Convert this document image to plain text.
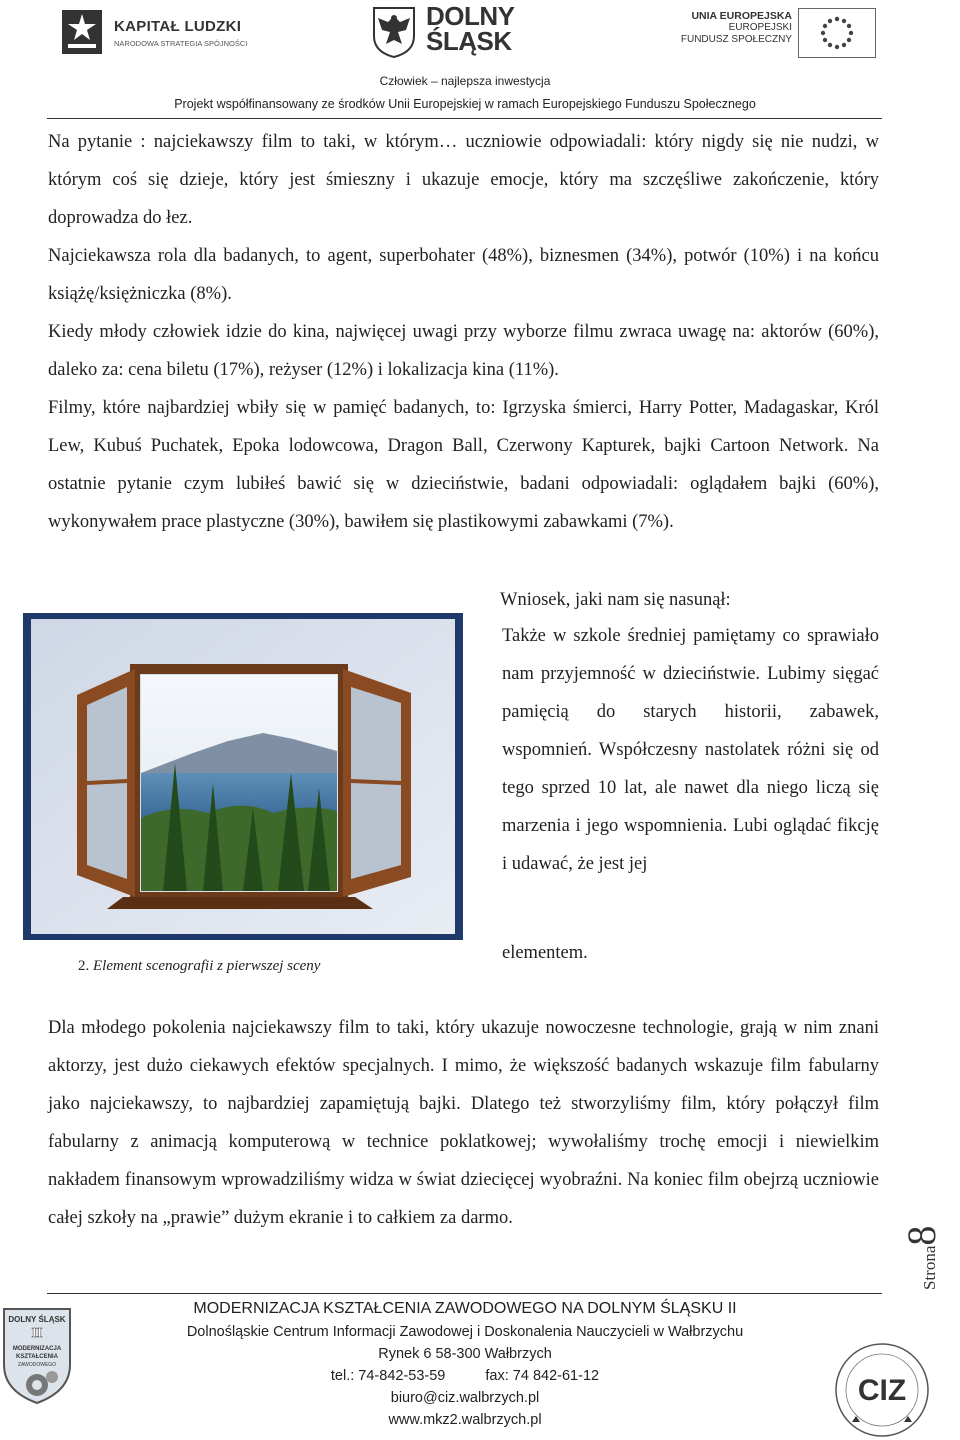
KAPITAŁ LUDZKI
NARODOWA STRATEGIA SPÓJNOŚCI
DOLNY
ŚLĄSK
UNIA EUROPEJSKA
EUROPEJSKI
FUNDUSZ SPOŁECZNY
Człowiek – najlepsza inwestycja
Projekt współfinansowany ze środków Unii Europejskiej w ramach Europejskiego Funduszu Społecznego

Na pytanie : najciekawszy film to taki, w którym… uczniowie odpowiadali: który nigdy się nie nudzi, w którym coś się dzieje, który jest śmieszny i ukazuje emocje, który ma szczęśliwe zakończenie, który doprowadza do łez.

Najciekawsza rola dla badanych, to agent, superbohater (48%), biznesmen (34%), potwór (10%) i na końcu książę/księżniczka (8%).

Kiedy młody człowiek idzie do kina, najwięcej uwagi przy wyborze filmu zwraca uwagę na: aktorów (60%), daleko za: cena biletu (17%), reżyser (12%) i lokalizacja kina (11%).

Filmy, które najbardziej wbiły się w pamięć badanych, to: Igrzyska śmierci, Harry Potter, Madagaskar, Król Lew, Kubuś Puchatek, Epoka lodowcowa, Dragon Ball, Czerwony Kapturek, bajki Cartoon Network. Na ostatnie pytanie czym lubiłeś bawić się w dzieciństwie, badani odpowiadali: oglądałem bajki (60%), wykonywałem prace plastyczne (30%), bawiłem się plastikowymi zabawkami (7%).

Wniosek, jaki nam się nasunął:

Także w szkole średniej pamiętamy co sprawiało nam przyjemność w dzieciństwie. Lubimy sięgać pamięcią do starych historii, zabawek, wspomnień. Współczesny nastolatek różni się od tego sprzed 10 lat, ale nawet dla niego liczą się marzenia i jego wspomnienia. Lubi oglądać fikcję i udawać, że jest jej

elementem.
2. Element scenografii z pierwszej sceny

Dla młodego pokolenia najciekawszy film to taki, który ukazuje nowoczesne technologie, grają w nim znani aktorzy, jest dużo ciekawych efektów specjalnych. I mimo, że większość badanych wskazuje film fabularny jako najciekawszy, to najbardziej zapamiętują bajki. Dlatego też stworzyliśmy film, który połączył film fabularny z animacją komputerową w technice poklatkowej; wywołaliśmy trochę emocji i niewielkim nakładem finansowym wprowadziliśmy widza w świat dziecięcej wyobraźni. Na koniec film obejrzą uczniowie całej szkoły na „prawie” dużym ekranie i to całkiem za darmo.

Strona8
MODERNIZACJA KSZTAŁCENIA ZAWODOWEGO NA DOLNYM ŚLĄSKU II
Dolnośląskie Centrum Informacji Zawodowej i Doskonalenia Nauczycieli w Wałbrzychu
Rynek 6 58-300 Wałbrzych
tel.: 74-842-53-59	fax: 74 842-61-12
biuro@ciz.walbrzych.pl
www.mkz2.walbrzych.pl
DOLNY ŚLĄSK
II
MODERNIZACJA
KSZTAŁCENIA
ZAWODOWEGO
CIZ
